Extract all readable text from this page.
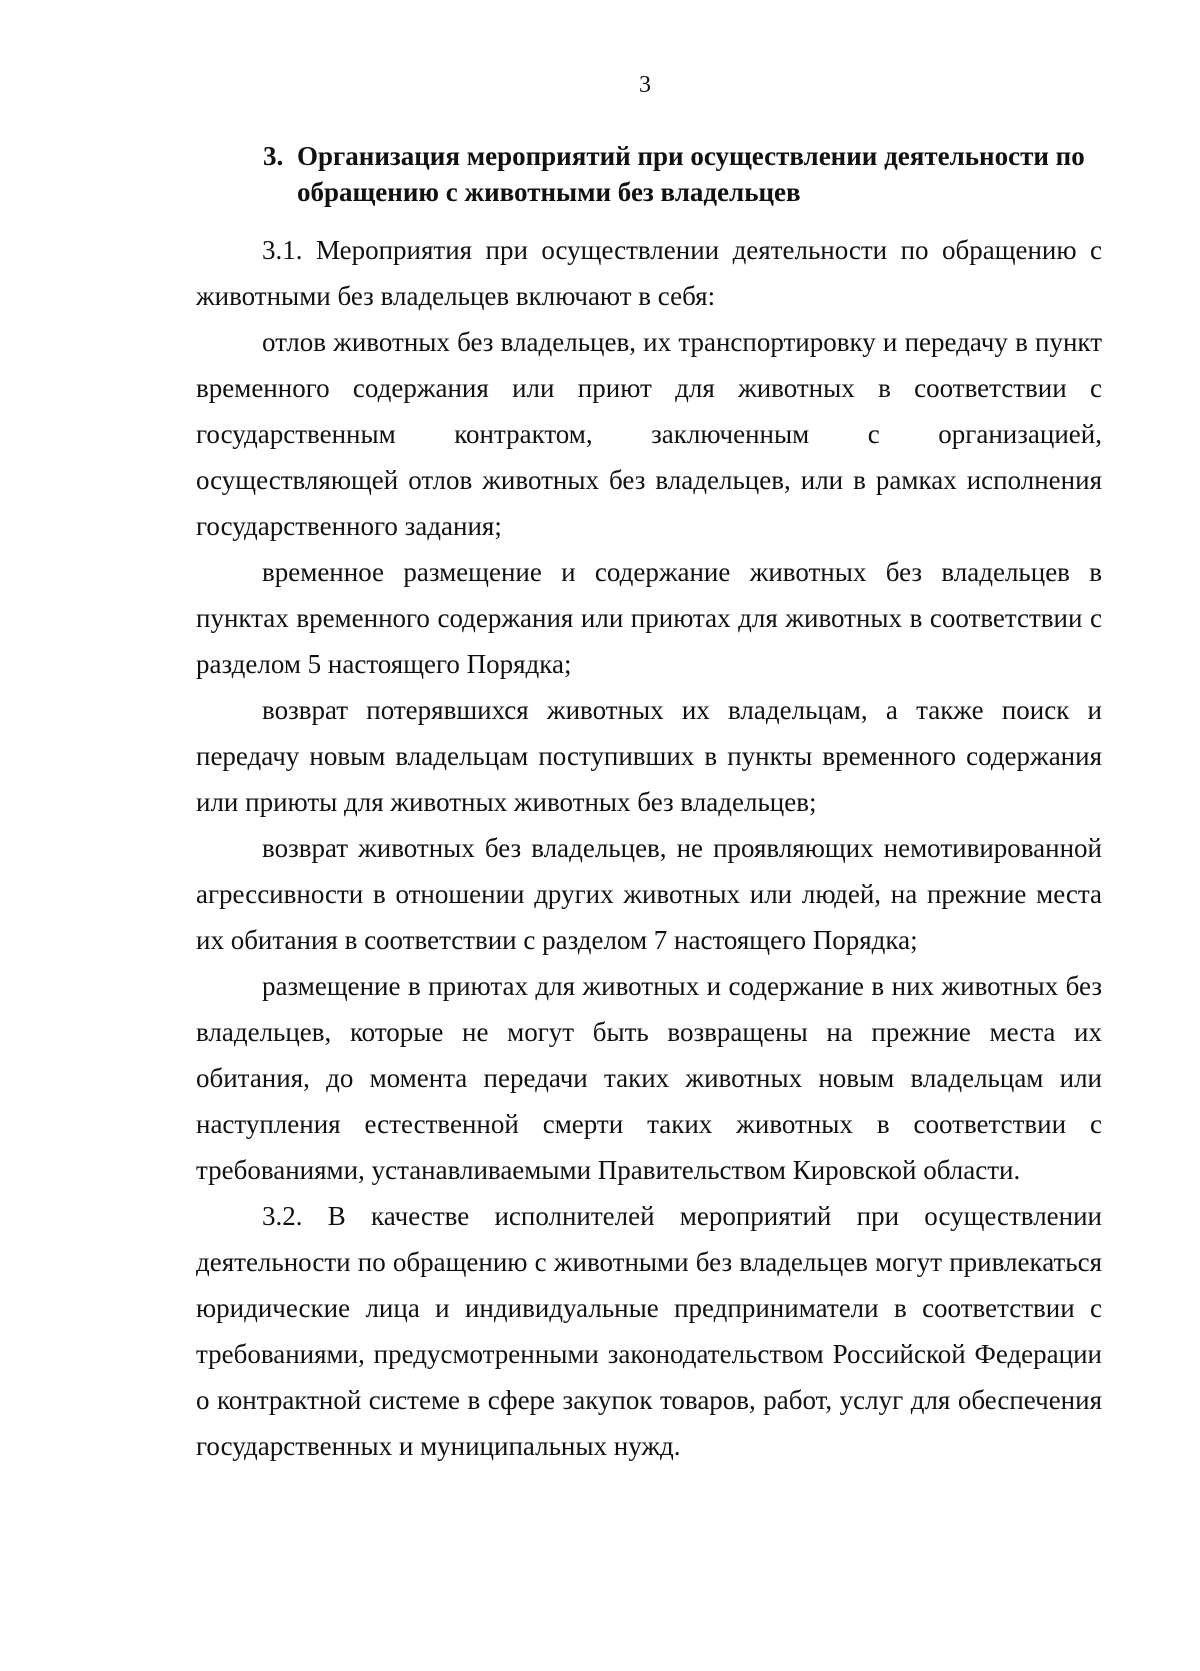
3
3. Организация мероприятий при осуществлении деятельности по обращению с животными без владельцев

3.1. Мероприятия при осуществлении деятельности по обращению с животными без владельцев включают в себя:

отлов животных без владельцев, их транспортировку и передачу в пункт временного содержания или приют для животных в соответствии с государственным контрактом, заключенным с организацией, осуществляющей отлов животных без владельцев, или в рамках исполнения государственного задания;

временное размещение и содержание животных без владельцев в пунктах временного содержания или приютах для животных в соответствии с разделом 5 настоящего Порядка;

возврат потерявшихся животных их владельцам, а также поиск и передачу новым владельцам поступивших в пункты временного содержания или приюты для животных животных без владельцев;

возврат животных без владельцев, не проявляющих немотивированной агрессивности в отношении других животных или людей, на прежние места их обитания в соответствии с разделом 7 настоящего Порядка;

размещение в приютах для животных и содержание в них животных без владельцев, которые не могут быть возвращены на прежние места их обитания, до момента передачи таких животных новым владельцам или наступления естественной смерти таких животных в соответствии с требованиями, устанавливаемыми Правительством Кировской области.

3.2. В качестве исполнителей мероприятий при осуществлении деятельности по обращению с животными без владельцев могут привлекаться юридические лица и индивидуальные предприниматели в соответствии с требованиями, предусмотренными законодательством Российской Федерации о контрактной системе в сфере закупок товаров, работ, услуг для обеспечения государственных и муниципальных нужд.
